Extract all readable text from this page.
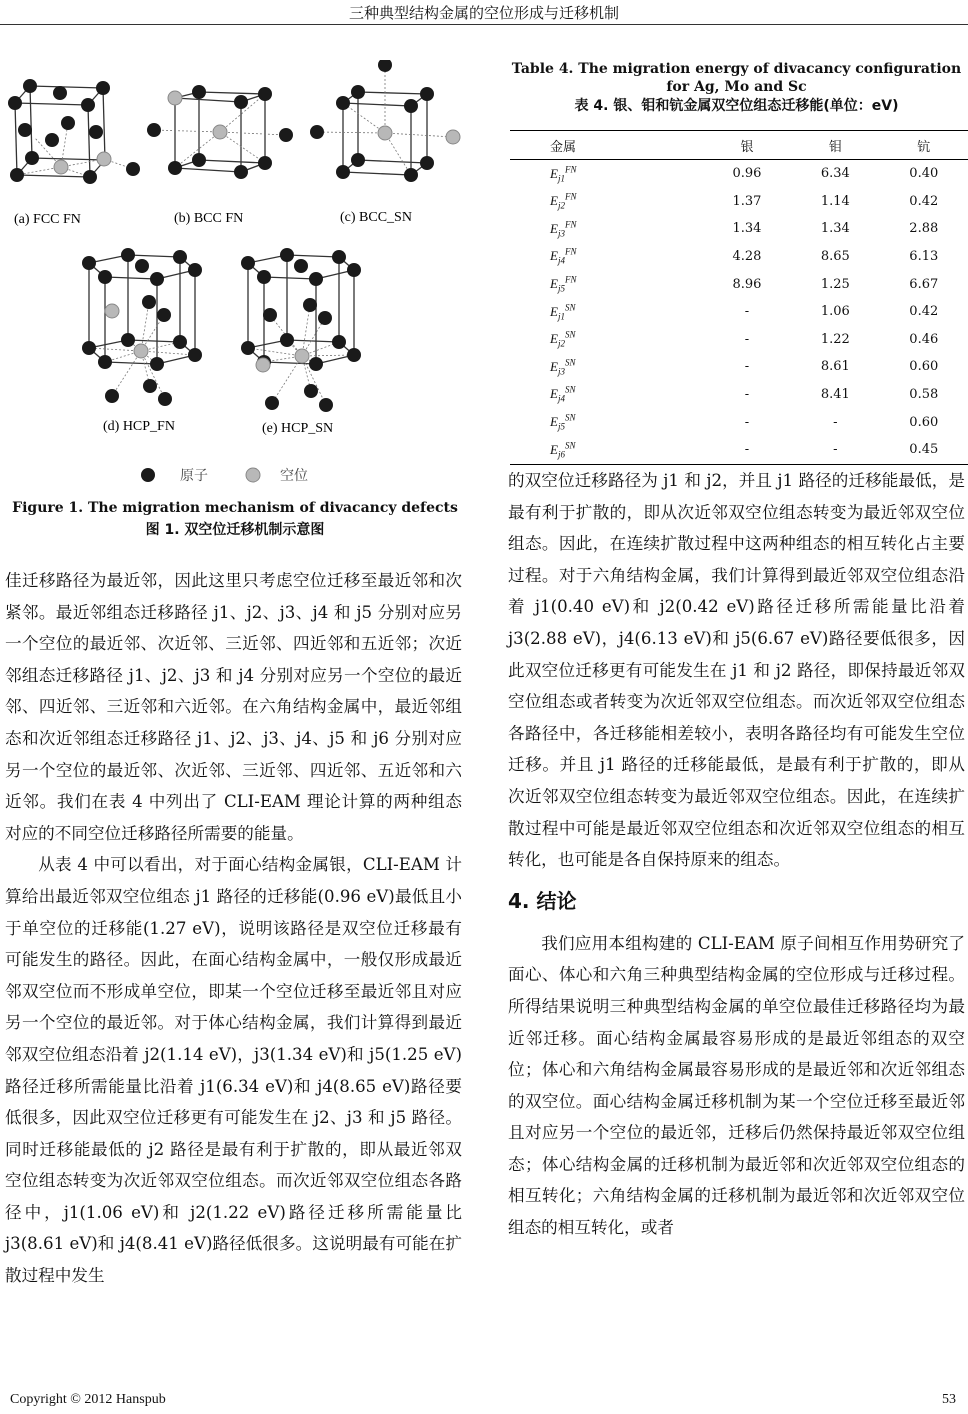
三种典型结构金属的空位形成与迁移机制
(a) FCC FN	(b) BCC FN	(c) BCC_SN
(d) HCP_FN	(e) HCP_SN
原子	空位
Figure 1. The migration mechanism of divacancy defects
图 1. 双空位迁移机制示意图
Table 4. The migration energy of divacancy configuration for Ag, Mo and Sc
表 4. 银、钼和钪金属双空位组态迁移能(单位：eV)
金属	银	钼	钪
$E_{j1}^{FN}$	0.96	6.34	0.40
$E_{j2}^{FN}$	1.37	1.14	0.42
$E_{j3}^{FN}$	1.34	1.34	2.88
$E_{j4}^{FN}$	4.28	8.65	6.13
$E_{j5}^{FN}$	8.96	1.25	6.67
$E_{j1}^{SN}$	-	1.06	0.42
$E_{j2}^{SN}$	-	1.22	0.46
$E_{j3}^{SN}$	-	8.61	0.60
$E_{j4}^{SN}$	-	8.41	0.58
$E_{j5}^{SN}$	-	-	0.60
$E_{j6}^{SN}$	-	-	0.45

佳迁移路径为最近邻，因此这里只考虑空位迁移至最近邻和次紧邻。最近邻组态迁移路径 j1、j2、j3、j4 和 j5 分别对应另一个空位的最近邻、次近邻、三近邻、四近邻和五近邻；次近邻组态迁移路径 j1、j2、j3 和 j4 分别对应另一个空位的最近邻、四近邻、三近邻和六近邻。在六角结构金属中，最近邻组态和次近邻组态迁移路径 j1、j2、j3、j4、j5 和 j6 分别对应另一个空位的最近邻、次近邻、三近邻、四近邻、五近邻和六近邻。我们在表 4 中列出了 CLI-EAM 理论计算的两种组态对应的不同空位迁移路径所需要的能量。

从表 4 中可以看出，对于面心结构金属银，CLI-EAM 计算给出最近邻双空位组态 j1 路径的迁移能(0.96 eV)最低且小于单空位的迁移能(1.27 eV)，说明该路径是双空位迁移最有可能发生的路径。因此，在面心结构金属中，一般仅形成最近邻双空位而不形成单空位，即某一个空位迁移至最近邻且对应另一个空位的最近邻。对于体心结构金属，我们计算得到最近邻双空位组态沿着 j2(1.14 eV)，j3(1.34 eV)和 j5(1.25 eV)路径迁移所需能量比沿着 j1(6.34 eV)和 j4(8.65 eV)路径要低很多，因此双空位迁移更有可能发生在 j2、j3 和 j5 路径。同时迁移能最低的 j2 路径是最有利于扩散的，即从最近邻双空位组态转变为次近邻双空位组态。而次近邻双空位组态各路径中，j1(1.06 eV)和 j2(1.22 eV)路径迁移所需能量比 j3(8.61 eV)和 j4(8.41 eV)路径低很多。这说明最有可能在扩散过程中发生

的双空位迁移路径为 j1 和 j2，并且 j1 路径的迁移能最低，是最有利于扩散的，即从次近邻双空位组态转变为最近邻双空位组态。因此，在连续扩散过程中这两种组态的相互转化占主要过程。对于六角结构金属，我们计算得到最近邻双空位组态沿着 j1(0.40 eV)和 j2(0.42 eV)路径迁移所需能量比沿着 j3(2.88 eV)，j4(6.13 eV)和 j5(6.67 eV)路径要低很多，因此双空位迁移更有可能发生在 j1 和 j2 路径，即保持最近邻双空位组态或者转变为次近邻双空位组态。而次近邻双空位组态各路径中，各迁移能相差较小，表明各路径均有可能发生空位迁移。并且 j1 路径的迁移能最低，是最有利于扩散的，即从次近邻双空位组态转变为最近邻双空位组态。因此，在连续扩散过程中可能是最近邻双空位组态和次近邻双空位组态的相互转化，也可能是各自保持原来的组态。

4. 结论

我们应用本组构建的 CLI-EAM 原子间相互作用势研究了面心、体心和六角三种典型结构金属的空位形成与迁移过程。所得结果说明三种典型结构金属的单空位最佳迁移路径均为最近邻迁移。面心结构金属最容易形成的是最近邻组态的双空位；体心和六角结构金属最容易形成的是最近邻和次近邻组态的双空位。面心结构金属迁移机制为某一个空位迁移至最近邻且对应另一个空位的最近邻，迁移后仍然保持最近邻双空位组态；体心结构金属的迁移机制为最近邻和次近邻双空位组态的相互转化；六角结构金属的迁移机制为最近邻和次近邻双空位组态的相互转化，或者

Copyright © 2012 Hanspub	53
